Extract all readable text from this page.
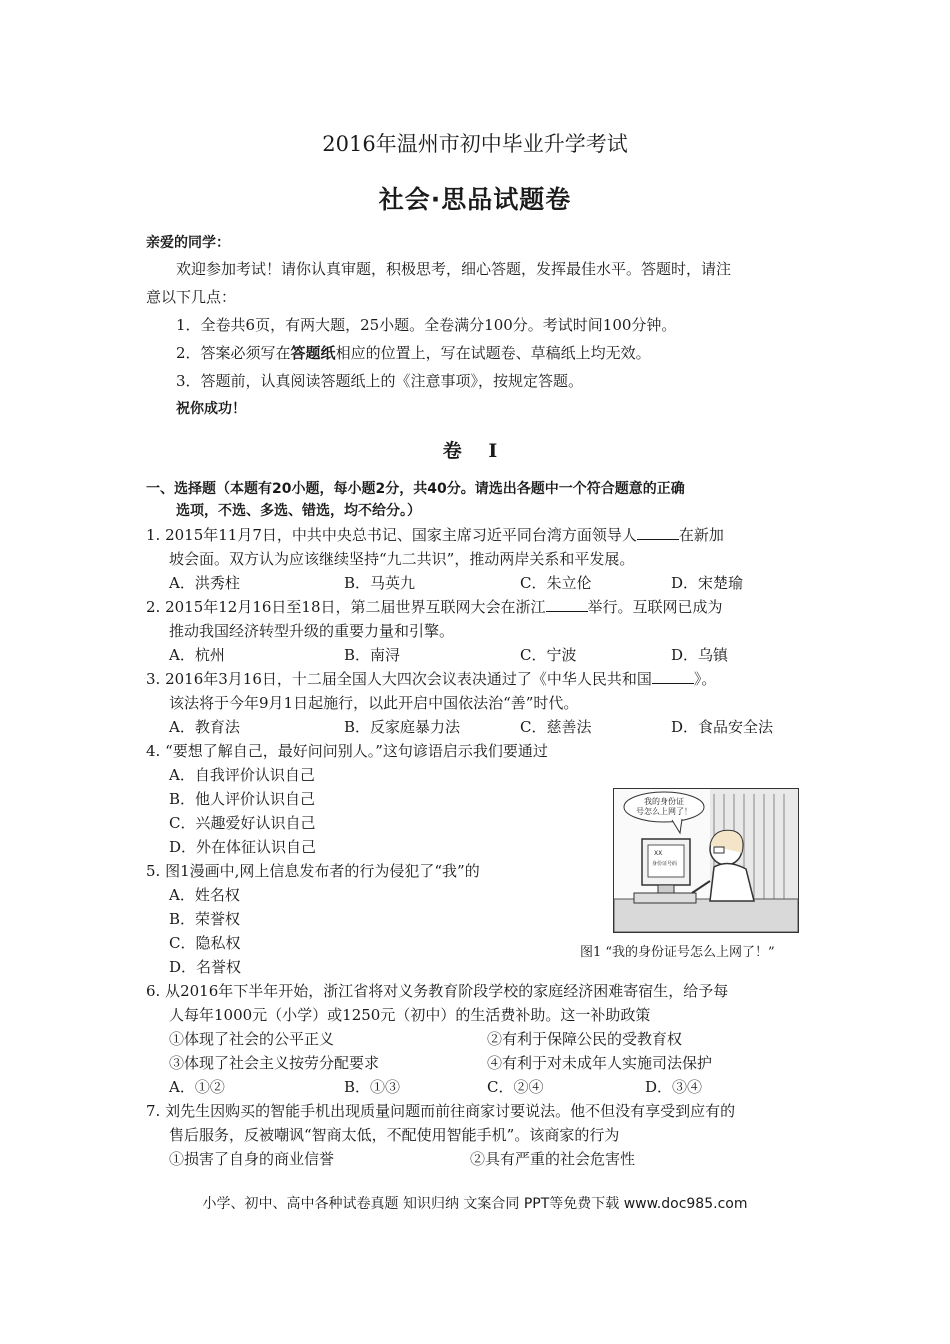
2016年温州市初中毕业升学考试
社会·思品试题卷
亲爱的同学：
欢迎参加考试！请你认真审题，积极思考，细心答题，发挥最佳水平。答题时，请注
意以下几点：
1．全卷共6页，有两大题，25小题。全卷满分100分。考试时间100分钟。
2．答案必须写在答题纸相应的位置上，写在试题卷、草稿纸上均无效。
3．答题前，认真阅读答题纸上的《注意事项》，按规定答题。
祝你成功！
卷 Ⅰ
一、选择题（本题有20小题，每小题2分，共40分。请选出各题中一个符合题意的正确
选项，不选、多选、错选，均不给分。）
1. 2015年11月7日，中共中央总书记、国家主席习近平同台湾方面领导人	在新加
坡会面。双方认为应该继续坚持“九二共识”，推动两岸关系和平发展。
A．洪秀柱	B．马英九	C．朱立伦	D．宋楚瑜
2. 2015年12月16日至18日，第二届世界互联网大会在浙江	举行。互联网已成为
推动我国经济转型升级的重要力量和引擎。
A．杭州	B．南浔	C．宁波	D．乌镇
3. 2016年3月16日，十二届全国人大四次会议表决通过了《中华人民共和国	》。
该法将于今年9月1日起施行，以此开启中国依法治“善”时代。
A．教育法	B．反家庭暴力法	C．慈善法	D．食品安全法
4. “要想了解自己，最好问问别人。”这句谚语启示我们要通过
A．自我评价认识自己
B．他人评价认识自己
C．兴趣爱好认识自己
D．外在体征认识自己
5. 图1漫画中,网上信息发布者的行为侵犯了“我”的
A．姓名权
B．荣誉权
C．隐私权
D．名誉权
我的身份证
号怎么上网了！
XX
身份证号码
图1 “我的身份证号怎么上网了！”
6. 从2016年下半年开始，浙江省将对义务教育阶段学校的家庭经济困难寄宿生，给予每
人每年1000元（小学）或1250元（初中）的生活费补助。这一补助政策
①体现了社会的公平正义	②有利于保障公民的受教育权
③体现了社会主义按劳分配要求	④有利于对未成年人实施司法保护
A．①②	B．①③	C．②④	D．③④
7. 刘先生因购买的智能手机出现质量问题而前往商家讨要说法。他不但没有享受到应有的
售后服务，反被嘲讽“智商太低，不配使用智能手机”。该商家的行为
①损害了自身的商业信誉	②具有严重的社会危害性
小学、初中、高中各种试卷真题 知识归纳 文案合同 PPT等免费下载 www.doc985.com
